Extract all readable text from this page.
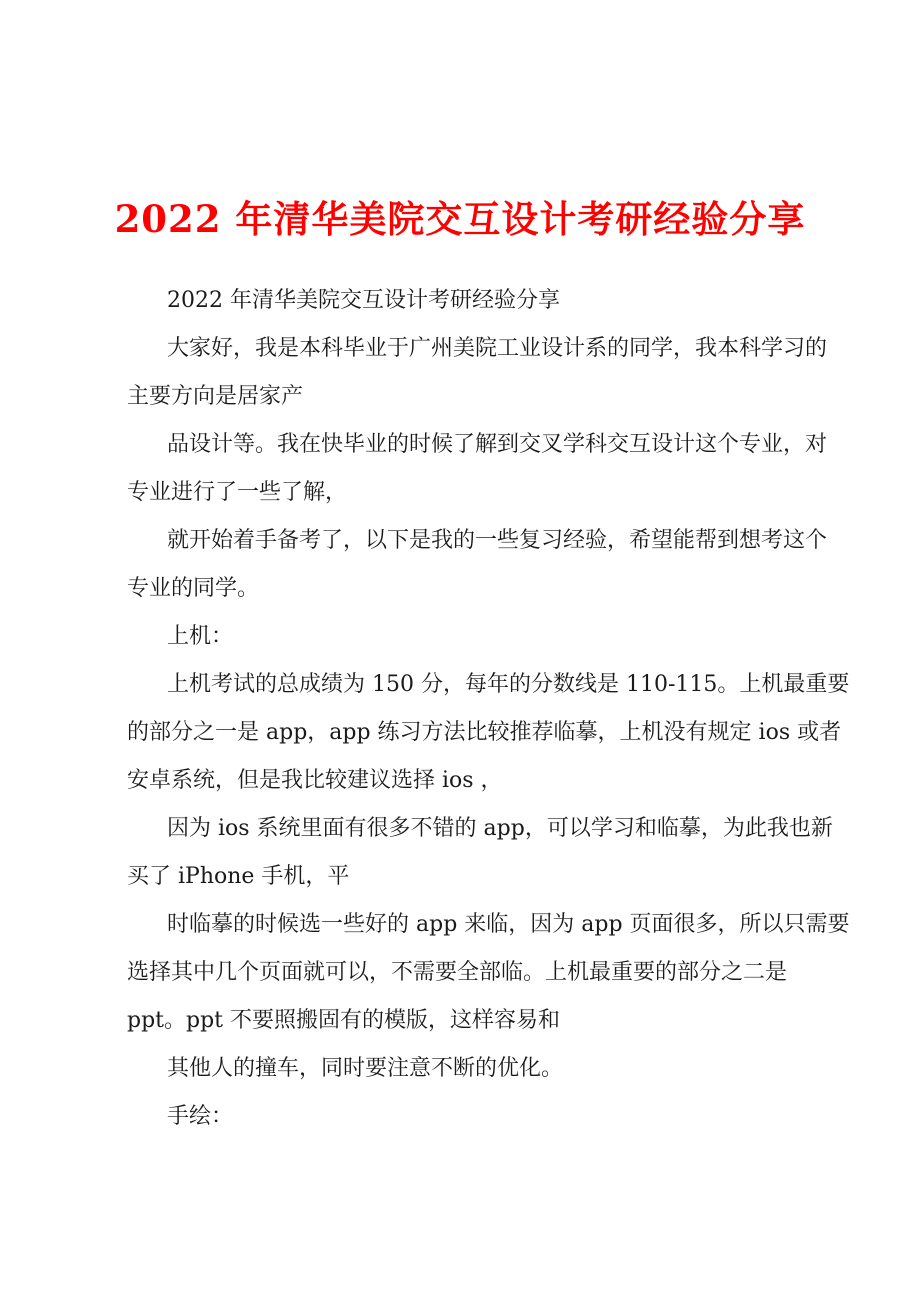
2022 年清华美院交互设计考研经验分享
2022 年清华美院交互设计考研经验分享
大家好，我是本科毕业于广州美院工业设计系的同学，我本科学习的
主要方向是居家产
品设计等。我在快毕业的时候了解到交叉学科交互设计这个专业，对
专业进行了一些了解，
就开始着手备考了，以下是我的一些复习经验，希望能帮到想考这个
专业的同学。
上机：
上机考试的总成绩为 150 分，每年的分数线是 110-115。上机最重要
的部分之一是 app，app 练习方法比较推荐临摹，上机没有规定 ios 或者
安卓系统，但是我比较建议选择 ios ，
因为 ios 系统里面有很多不错的 app，可以学习和临摹，为此我也新
买了 iPhone 手机，平
时临摹的时候选一些好的 app 来临，因为 app 页面很多，所以只需要
选择其中几个页面就可以，不需要全部临。上机最重要的部分之二是
ppt。ppt 不要照搬固有的模版，这样容易和
其他人的撞车，同时要注意不断的优化。
手绘：
